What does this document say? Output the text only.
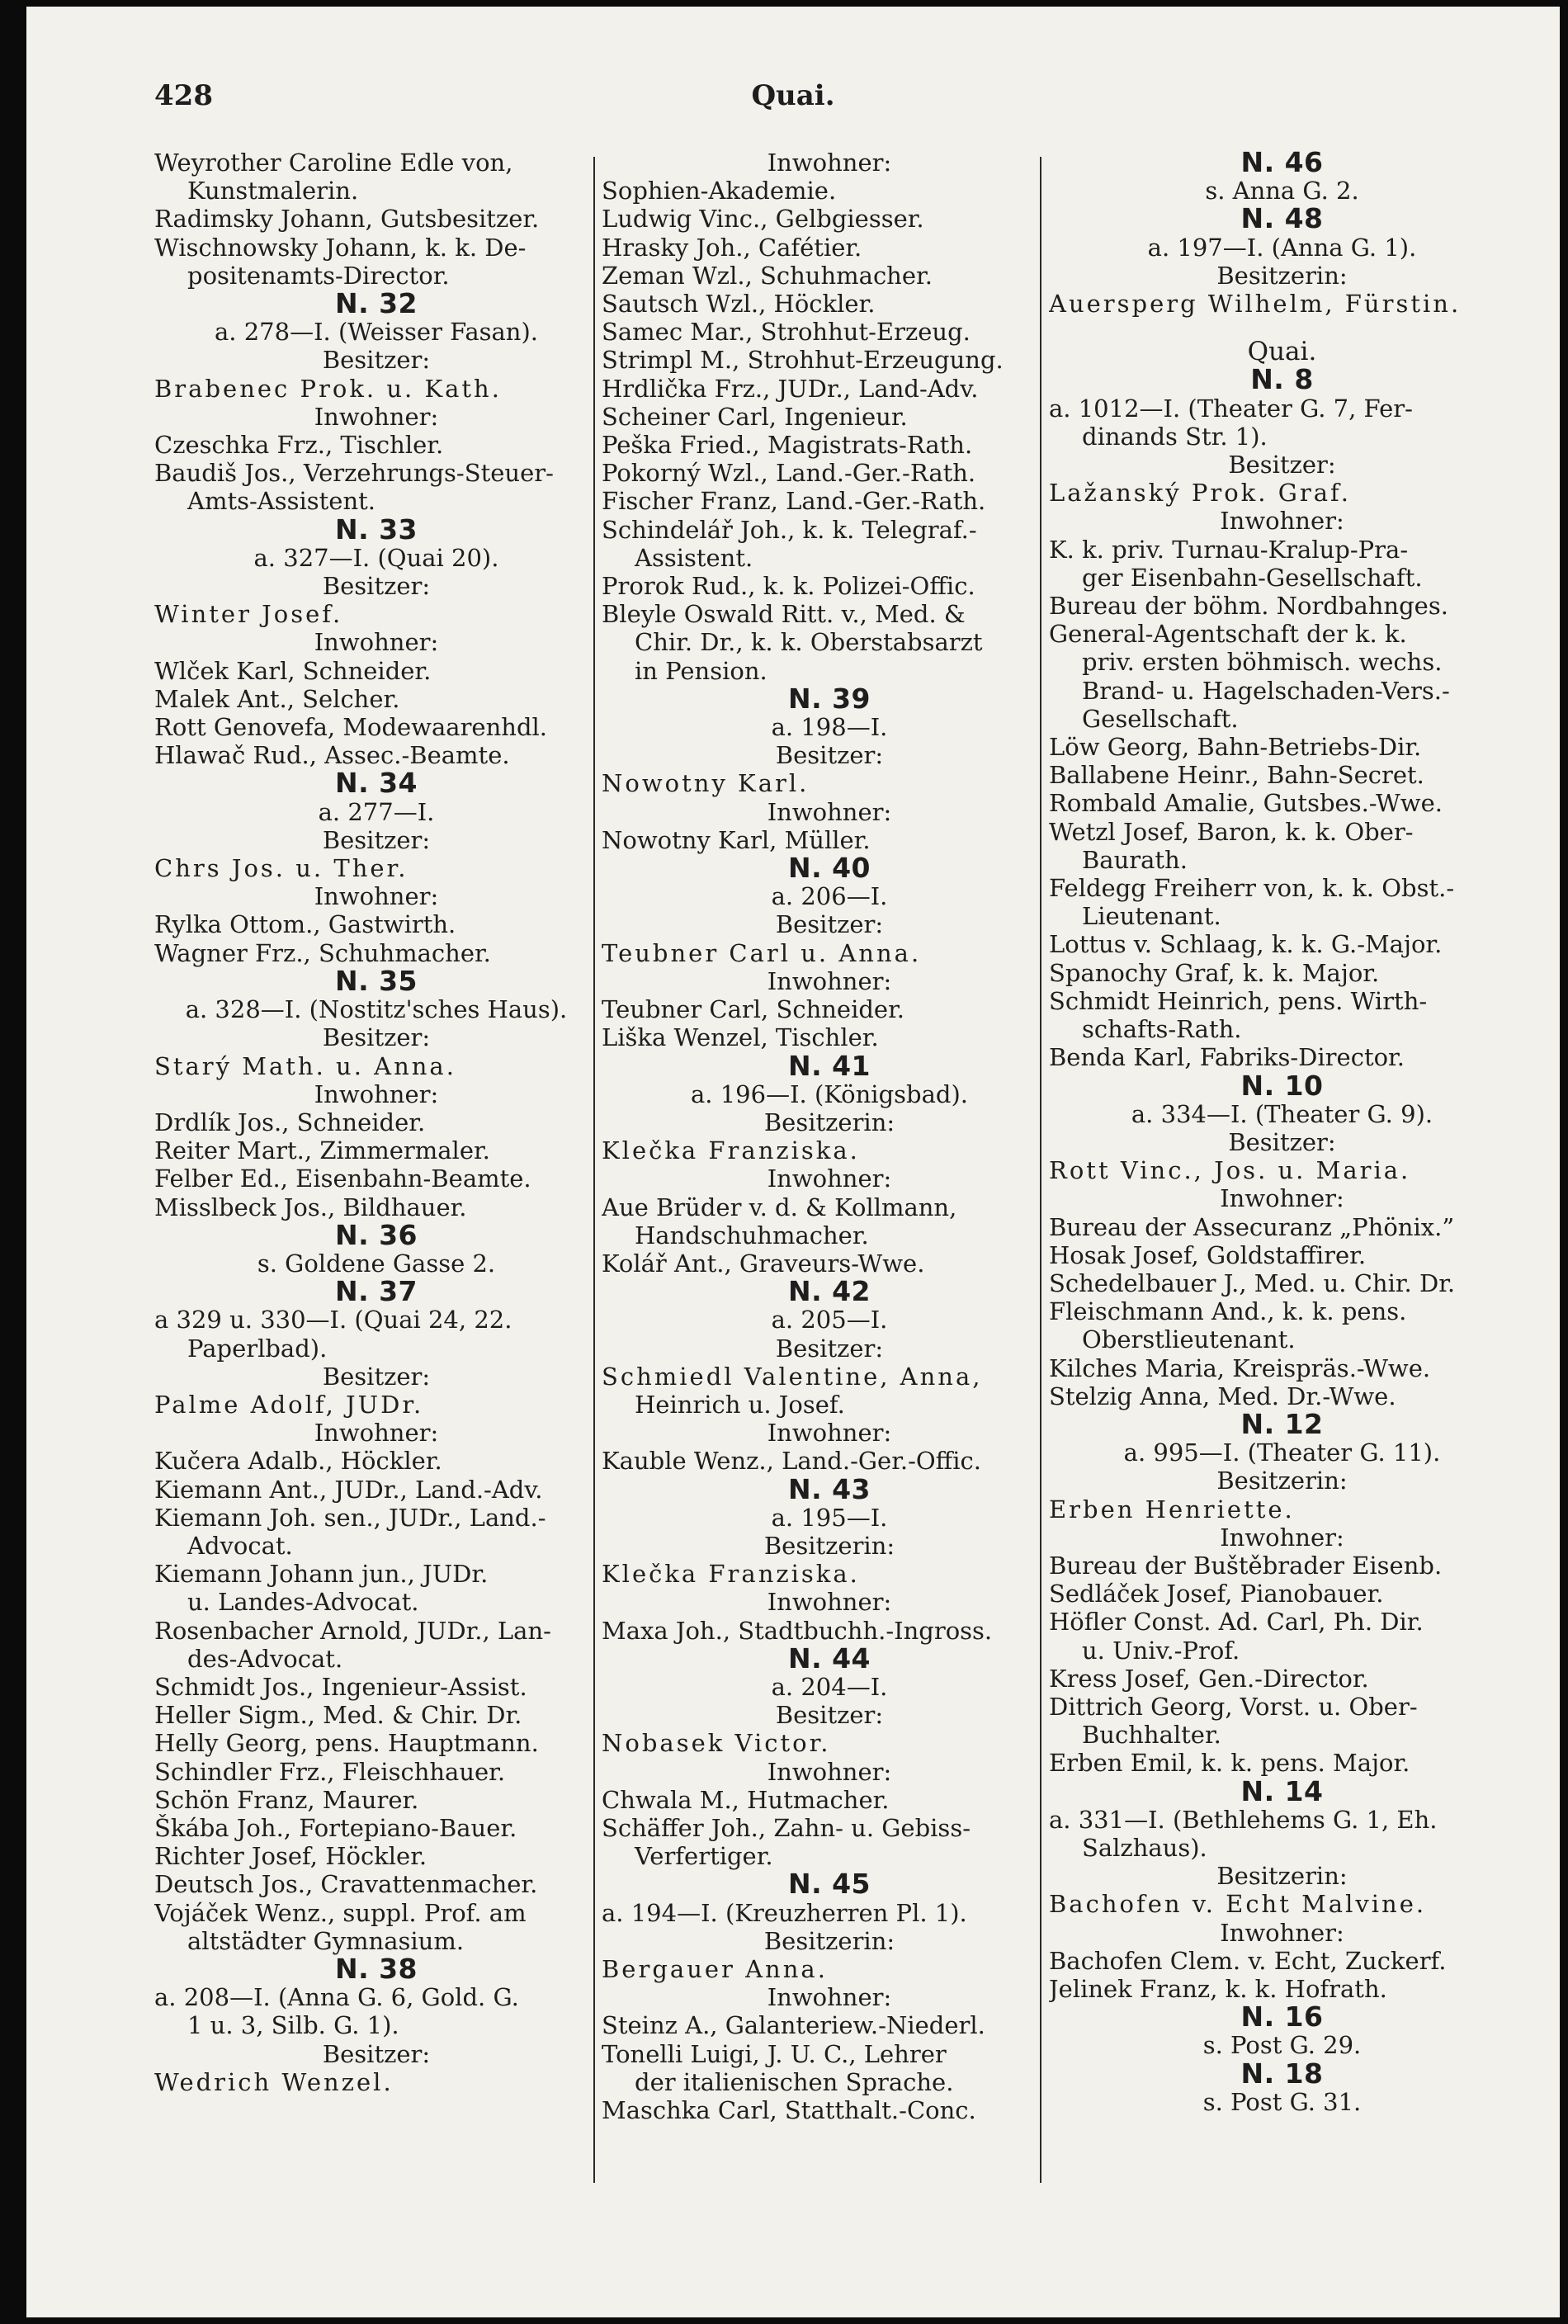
428	Quai.
Weyrother Caroline Edle von,
Kunstmalerin.
Radimsky Johann, Gutsbesitzer.
Wischnowsky Johann, k. k. De-
positenamts-Director.
N. 32
a. 278—I. (Weisser Fasan).
Besitzer:
Brabenec Prok. u. Kath.
Inwohner:
Czeschka Frz., Tischler.
Baudiš Jos., Verzehrungs-Steuer-
Amts-Assistent.
N. 33
a. 327—I. (Quai 20).
Besitzer:
Winter Josef.
Inwohner:
Wlček Karl, Schneider.
Malek Ant., Selcher.
Rott Genovefa, Modewaarenhdl.
Hlawač Rud., Assec.-Beamte.
N. 34
a. 277—I.
Besitzer:
Chrs Jos. u. Ther.
Inwohner:
Rylka Ottom., Gastwirth.
Wagner Frz., Schuhmacher.
N. 35
a. 328—I. (Nostitz'sches Haus).
Besitzer:
Starý Math. u. Anna.
Inwohner:
Drdlík Jos., Schneider.
Reiter Mart., Zimmermaler.
Felber Ed., Eisenbahn-Beamte.
Misslbeck Jos., Bildhauer.
N. 36
s. Goldene Gasse 2.
N. 37
a 329 u. 330—I. (Quai 24, 22.
Paperlbad).
Besitzer:
Palme Adolf, JUDr.
Inwohner:
Kučera Adalb., Höckler.
Kiemann Ant., JUDr., Land.-Adv.
Kiemann Joh. sen., JUDr., Land.-
Advocat.
Kiemann Johann jun., JUDr.
u. Landes-Advocat.
Rosenbacher Arnold, JUDr., Lan-
des-Advocat.
Schmidt Jos., Ingenieur-Assist.
Heller Sigm., Med. & Chir. Dr.
Helly Georg, pens. Hauptmann.
Schindler Frz., Fleischhauer.
Schön Franz, Maurer.
Škába Joh., Fortepiano-Bauer.
Richter Josef, Höckler.
Deutsch Jos., Cravattenmacher.
Vojáček Wenz., suppl. Prof. am
altstädter Gymnasium.
N. 38
a. 208—I. (Anna G. 6, Gold. G.
1 u. 3, Silb. G. 1).
Besitzer:
Wedrich Wenzel.
Inwohner:
Sophien-Akademie.
Ludwig Vinc., Gelbgiesser.
Hrasky Joh., Cafétier.
Zeman Wzl., Schuhmacher.
Sautsch Wzl., Höckler.
Samec Mar., Strohhut-Erzeug.
Strimpl M., Strohhut-Erzeugung.
Hrdlička Frz., JUDr., Land-Adv.
Scheiner Carl, Ingenieur.
Peška Fried., Magistrats-Rath.
Pokorný Wzl., Land.-Ger.-Rath.
Fischer Franz, Land.-Ger.-Rath.
Schindelář Joh., k. k. Telegraf.-
Assistent.
Prorok Rud., k. k. Polizei-Offic.
Bleyle Oswald Ritt. v., Med. &
Chir. Dr., k. k. Oberstabsarzt
in Pension.
N. 39
a. 198—I.
Besitzer:
Nowotny Karl.
Inwohner:
Nowotny Karl, Müller.
N. 40
a. 206—I.
Besitzer:
Teubner Carl u. Anna.
Inwohner:
Teubner Carl, Schneider.
Liška Wenzel, Tischler.
N. 41
a. 196—I. (Königsbad).
Besitzerin:
Klečka Franziska.
Inwohner:
Aue Brüder v. d. & Kollmann,
Handschuhmacher.
Kolář Ant., Graveurs-Wwe.
N. 42
a. 205—I.
Besitzer:
Schmiedl Valentine, Anna,
Heinrich u. Josef.
Inwohner:
Kauble Wenz., Land.-Ger.-Offic.
N. 43
a. 195—I.
Besitzerin:
Klečka Franziska.
Inwohner:
Maxa Joh., Stadtbuchh.-Ingross.
N. 44
a. 204—I.
Besitzer:
Nobasek Victor.
Inwohner:
Chwala M., Hutmacher.
Schäffer Joh., Zahn- u. Gebiss-
Verfertiger.
N. 45
a. 194—I. (Kreuzherren Pl. 1).
Besitzerin:
Bergauer Anna.
Inwohner:
Steinz A., Galanteriew.-Niederl.
Tonelli Luigi, J. U. C., Lehrer
der italienischen Sprache.
Maschka Carl, Statthalt.-Conc.
N. 46
s. Anna G. 2.
N. 48
a. 197—I. (Anna G. 1).
Besitzerin:
Auersperg Wilhelm, Fürstin.
Quai.
N. 8
a. 1012—I. (Theater G. 7, Fer-
dinands Str. 1).
Besitzer:
Lažanský Prok. Graf.
Inwohner:
K. k. priv. Turnau-Kralup-Pra-
ger Eisenbahn-Gesellschaft.
Bureau der böhm. Nordbahnges.
General-Agentschaft der k. k.
priv. ersten böhmisch. wechs.
Brand- u. Hagelschaden-Vers.-
Gesellschaft.
Löw Georg, Bahn-Betriebs-Dir.
Ballabene Heinr., Bahn-Secret.
Rombald Amalie, Gutsbes.-Wwe.
Wetzl Josef, Baron, k. k. Ober-
Baurath.
Feldegg Freiherr von, k. k. Obst.-
Lieutenant.
Lottus v. Schlaag, k. k. G.-Major.
Spanochy Graf, k. k. Major.
Schmidt Heinrich, pens. Wirth-
schafts-Rath.
Benda Karl, Fabriks-Director.
N. 10
a. 334—I. (Theater G. 9).
Besitzer:
Rott Vinc., Jos. u. Maria.
Inwohner:
Bureau der Assecuranz „Phönix.”
Hosak Josef, Goldstaffirer.
Schedelbauer J., Med. u. Chir. Dr.
Fleischmann And., k. k. pens.
Oberstlieutenant.
Kilches Maria, Kreispräs.-Wwe.
Stelzig Anna, Med. Dr.-Wwe.
N. 12
a. 995—I. (Theater G. 11).
Besitzerin:
Erben Henriette.
Inwohner:
Bureau der Buštěbrader Eisenb.
Sedláček Josef, Pianobauer.
Höfler Const. Ad. Carl, Ph. Dir.
u. Univ.-Prof.
Kress Josef, Gen.-Director.
Dittrich Georg, Vorst. u. Ober-
Buchhalter.
Erben Emil, k. k. pens. Major.
N. 14
a. 331—I. (Bethlehems G. 1, Eh.
Salzhaus).
Besitzerin:
Bachofen v. Echt Malvine.
Inwohner:
Bachofen Clem. v. Echt, Zuckerf.
Jelinek Franz, k. k. Hofrath.
N. 16
s. Post G. 29.
N. 18
s. Post G. 31.
